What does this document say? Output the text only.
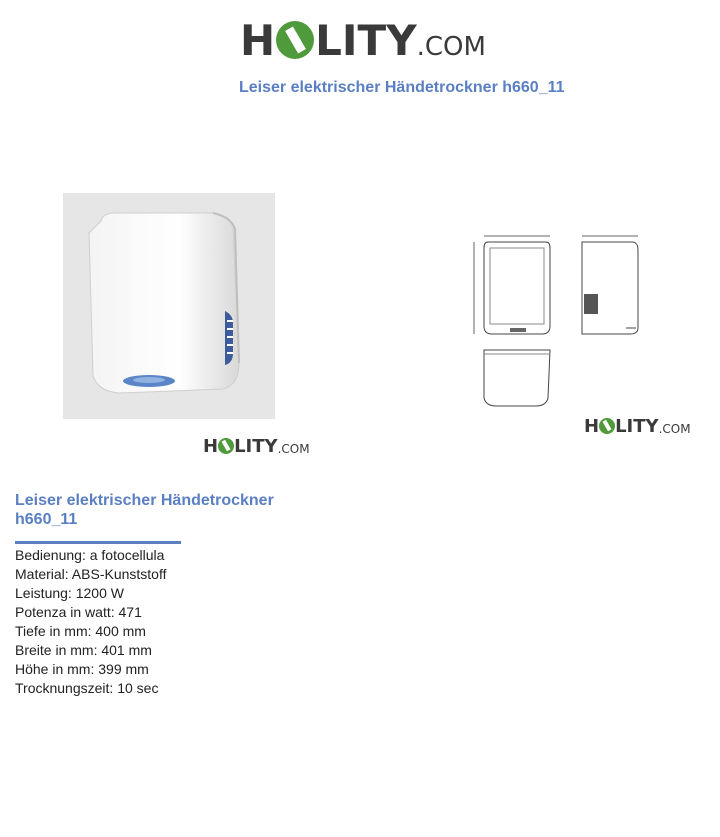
H LITY .COM
Leiser elektrischer Händetrockner h660_11
H LITY .COM
H LITY .COM
Leiser elektrischer Händetrockner h660_11
Bedienung: a fotocellula
Material: ABS-Kunststoff
Leistung: 1200 W
Potenza in watt: 471
Tiefe in mm: 400 mm
Breite in mm: 401 mm
Höhe in mm: 399 mm
Trocknungszeit: 10 sec
